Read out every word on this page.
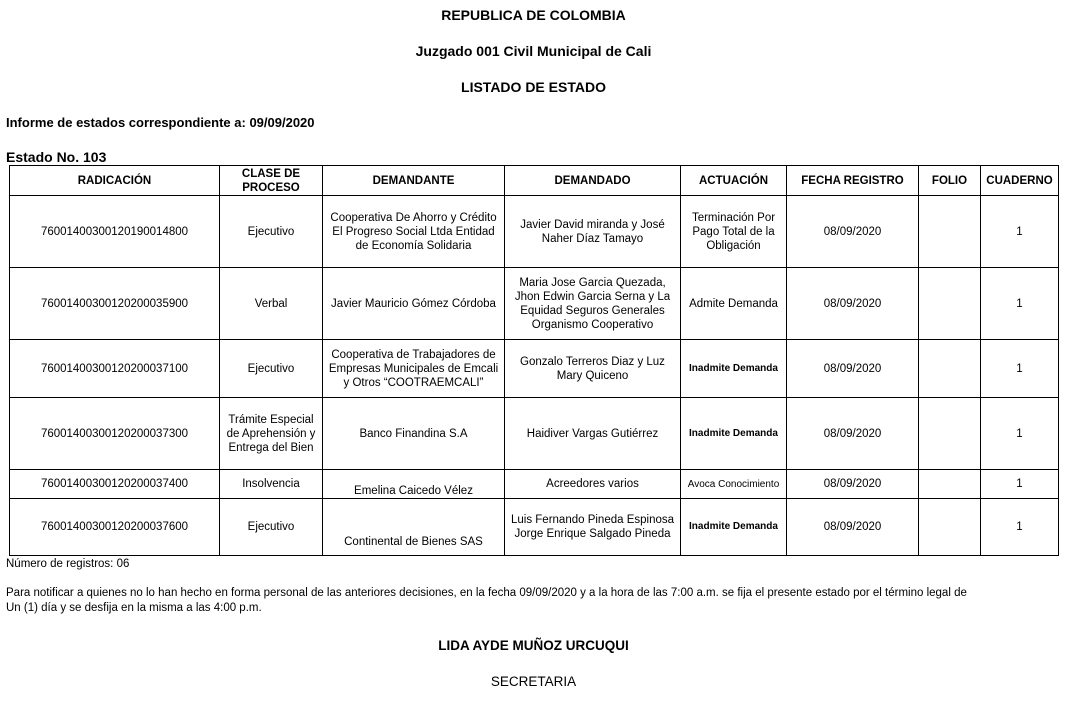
REPUBLICA DE COLOMBIA
Juzgado 001 Civil Municipal de Cali
LISTADO DE ESTADO
Informe de estados correspondiente a: 09/09/2020
Estado No. 103
RADICACIÓN	CLASE DE PROCESO	DEMANDANTE	DEMANDADO	ACTUACIÓN	FECHA REGISTRO	FOLIO	CUADERNO
76001400300120190014800	Ejecutivo	Cooperativa De Ahorro y Crédito El Progreso Social Ltda Entidad de Economía Solidaria	Javier David miranda y José Naher Díaz Tamayo	Terminación Por Pago Total de la Obligación	08/09/2020		1
76001400300120200035900	Verbal	Javier Mauricio Gómez Córdoba	Maria Jose Garcia Quezada, Jhon Edwin Garcia Serna y La Equidad Seguros Generales Organismo Cooperativo	Admite Demanda	08/09/2020		1
76001400300120200037100	Ejecutivo	Cooperativa de Trabajadores de Empresas Municipales de Emcali y Otros “COOTRAEMCALI”	Gonzalo Terreros Diaz y Luz Mary Quiceno	Inadmite Demanda	08/09/2020		1
76001400300120200037300	Trámite Especial de Aprehensión y Entrega del Bien	Banco Finandina S.A	Haidiver Vargas Gutiérrez	Inadmite Demanda	08/09/2020		1
76001400300120200037400	Insolvencia	Emelina Caicedo Vélez	Acreedores varios	Avoca Conocimiento	08/09/2020		1
76001400300120200037600	Ejecutivo	Continental de Bienes SAS	Luis Fernando Pineda Espinosa Jorge Enrique Salgado Pineda	Inadmite Demanda	08/09/2020		1
Número de registros: 06
Para notificar a quienes no lo han hecho en forma personal de las anteriores decisiones, en la fecha 09/09/2020 y a la hora de las 7:00 a.m. se fija el presente estado por el término legal de
Un (1) día y se desfija en la misma a las 4:00 p.m.
LIDA AYDE MUÑOZ URCUQUI
SECRETARIA
